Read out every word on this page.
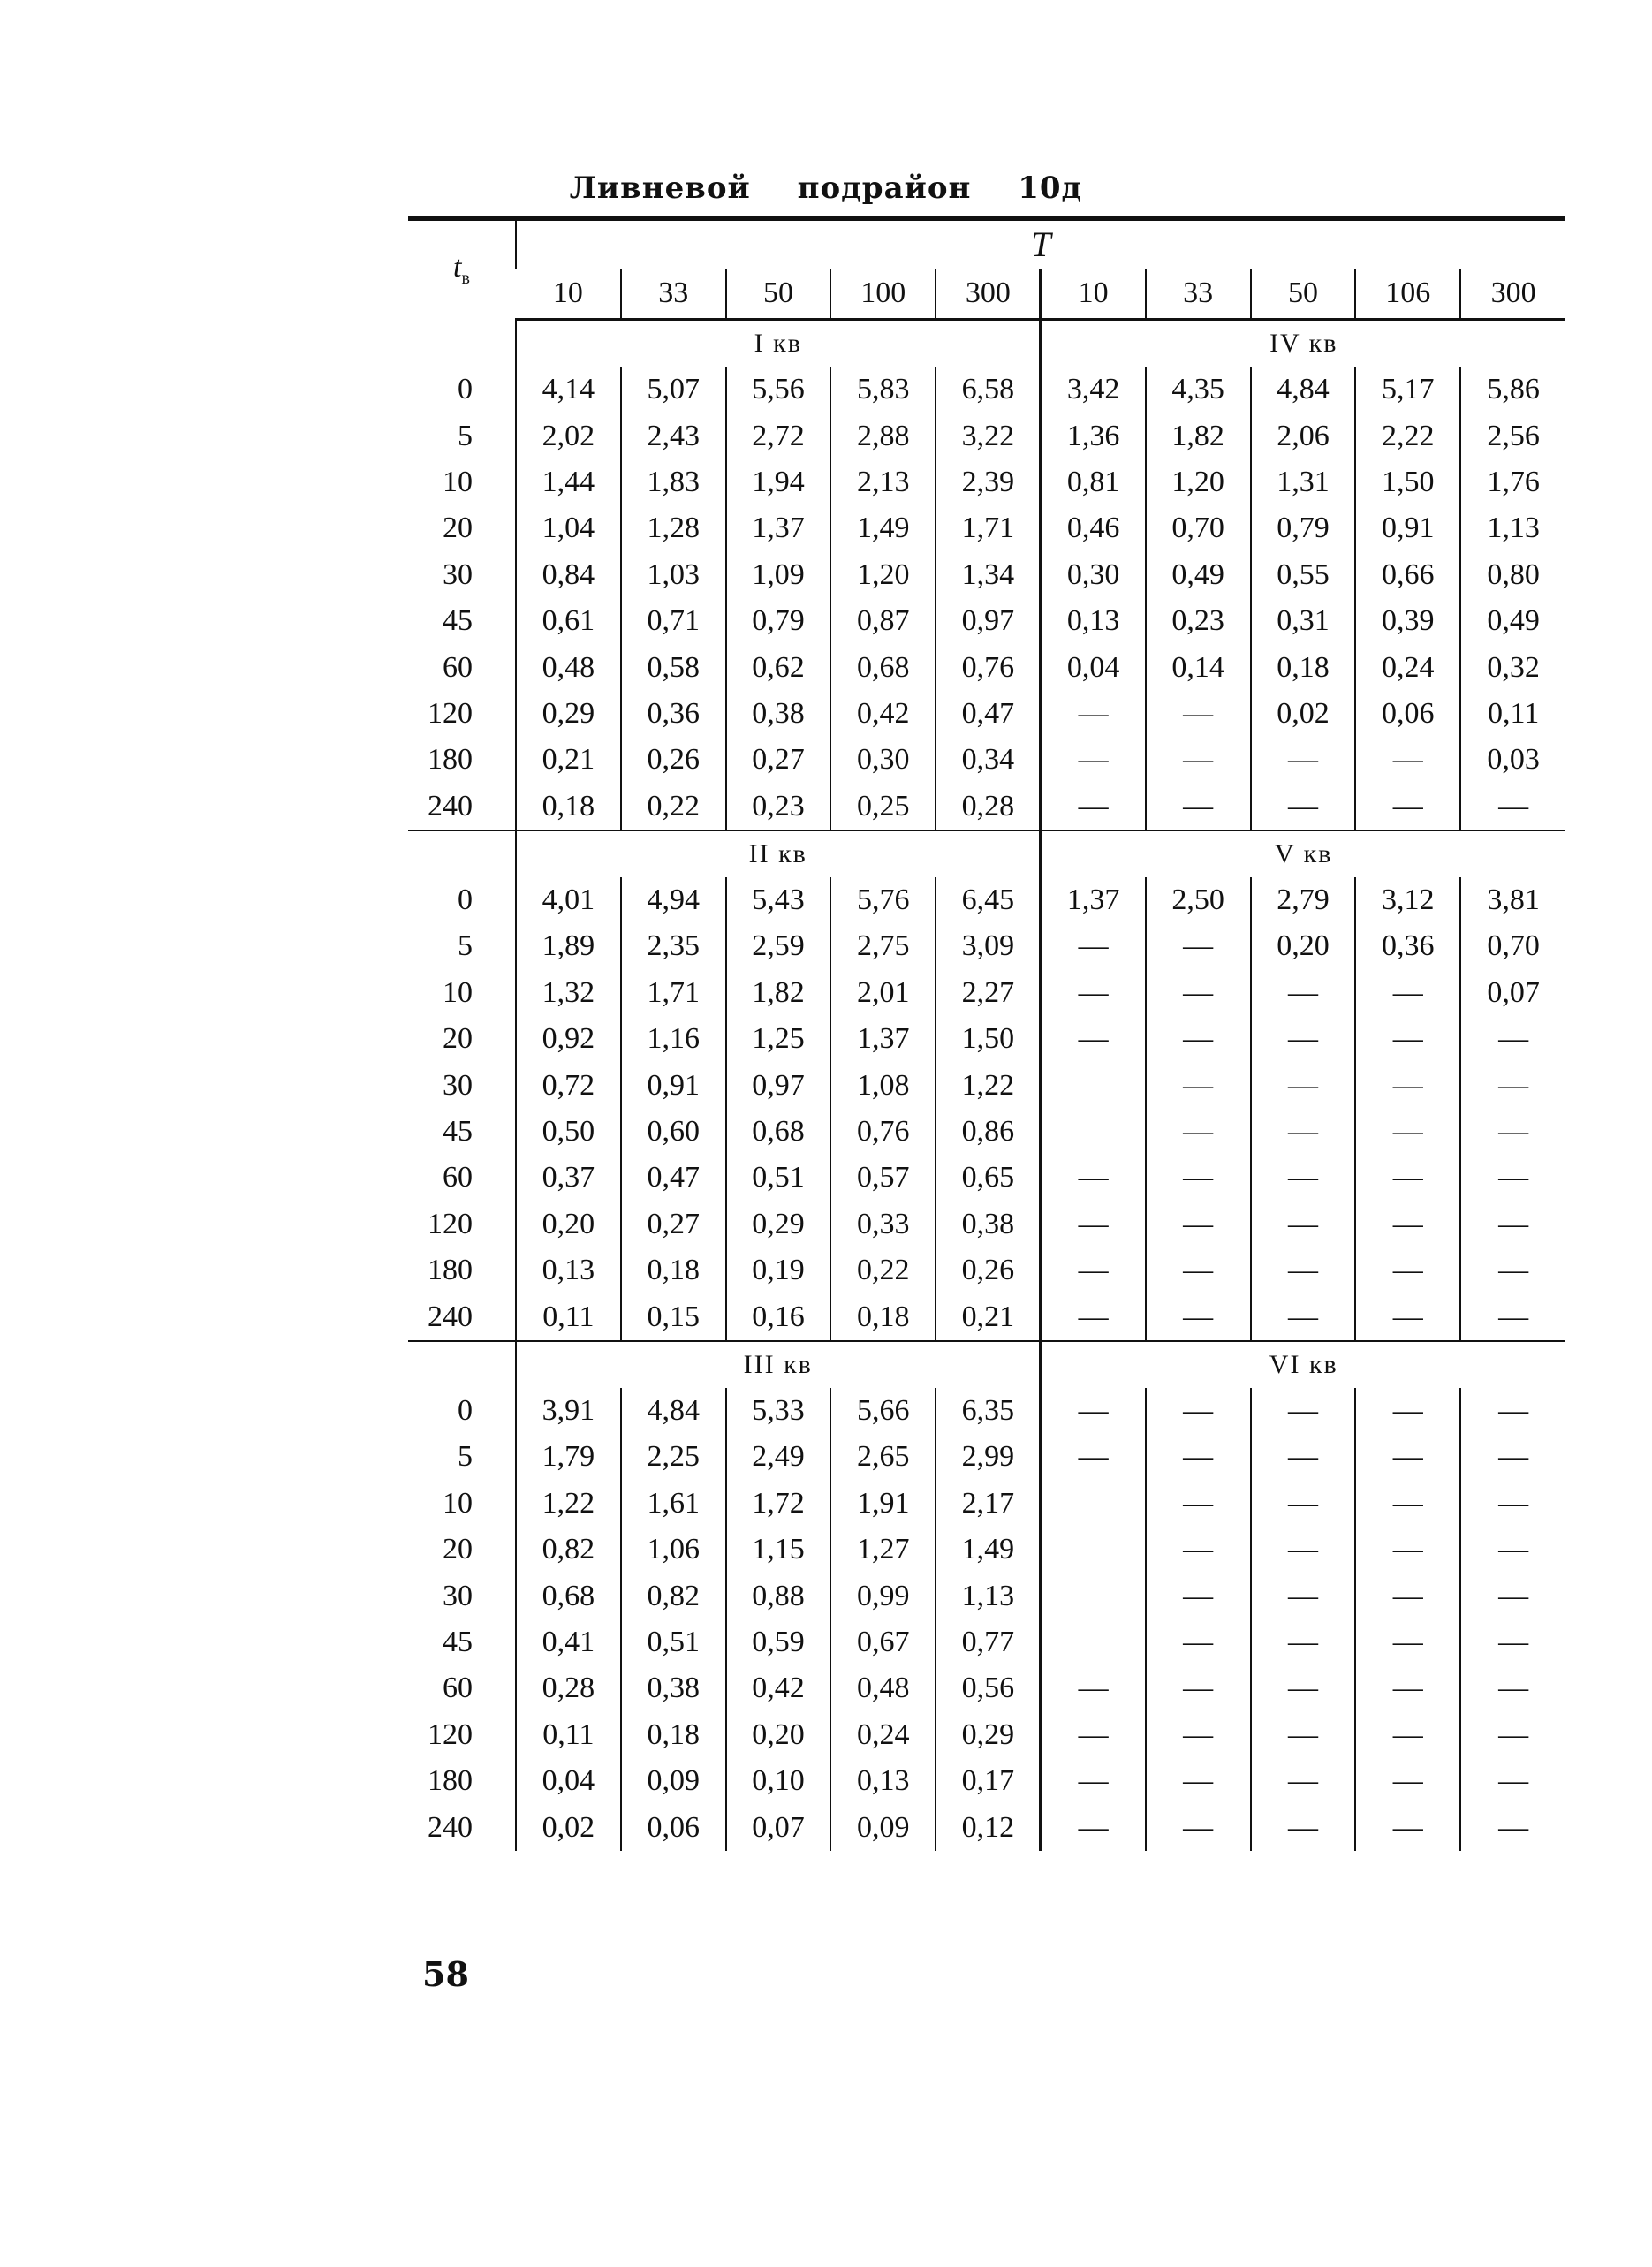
Ливневой подрайон 10д
$t_в$	T									
	10	33	50	100	300	10	33	50	106	300
	I кв					IV кв				
0	4,14	5,07	5,56	5,83	6,58	3,42	4,35	4,84	5,17	5,86
5	2,02	2,43	2,72	2,88	3,22	1,36	1,82	2,06	2,22	2,56
10	1,44	1,83	1,94	2,13	2,39	0,81	1,20	1,31	1,50	1,76
20	1,04	1,28	1,37	1,49	1,71	0,46	0,70	0,79	0,91	1,13
30	0,84	1,03	1,09	1,20	1,34	0,30	0,49	0,55	0,66	0,80
45	0,61	0,71	0,79	0,87	0,97	0,13	0,23	0,31	0,39	0,49
60	0,48	0,58	0,62	0,68	0,76	0,04	0,14	0,18	0,24	0,32
120	0,29	0,36	0,38	0,42	0,47	—	—	0,02	0,06	0,11
180	0,21	0,26	0,27	0,30	0,34	—	—	—	—	0,03
240	0,18	0,22	0,23	0,25	0,28	—	—	—	—	—
	II кв					V кв				
0	4,01	4,94	5,43	5,76	6,45	1,37	2,50	2,79	3,12	3,81
5	1,89	2,35	2,59	2,75	3,09	—	—	0,20	0,36	0,70
10	1,32	1,71	1,82	2,01	2,27	—	—	—	—	0,07
20	0,92	1,16	1,25	1,37	1,50	—	—	—	—	—
30	0,72	0,91	0,97	1,08	1,22		—	—	—	—
45	0,50	0,60	0,68	0,76	0,86		—	—	—	—
60	0,37	0,47	0,51	0,57	0,65	—	—	—	—	—
120	0,20	0,27	0,29	0,33	0,38	—	—	—	—	—
180	0,13	0,18	0,19	0,22	0,26	—	—	—	—	—
240	0,11	0,15	0,16	0,18	0,21	—	—	—	—	—
	III кв					VI кв				
0	3,91	4,84	5,33	5,66	6,35	—	—	—	—	—
5	1,79	2,25	2,49	2,65	2,99	—	—	—	—	—
10	1,22	1,61	1,72	1,91	2,17		—	—	—	—
20	0,82	1,06	1,15	1,27	1,49		—	—	—	—
30	0,68	0,82	0,88	0,99	1,13		—	—	—	—
45	0,41	0,51	0,59	0,67	0,77		—	—	—	—
60	0,28	0,38	0,42	0,48	0,56	—	—	—	—	—
120	0,11	0,18	0,20	0,24	0,29	—	—	—	—	—
180	0,04	0,09	0,10	0,13	0,17	—	—	—	—	—
240	0,02	0,06	0,07	0,09	0,12	—	—	—	—	—
58
